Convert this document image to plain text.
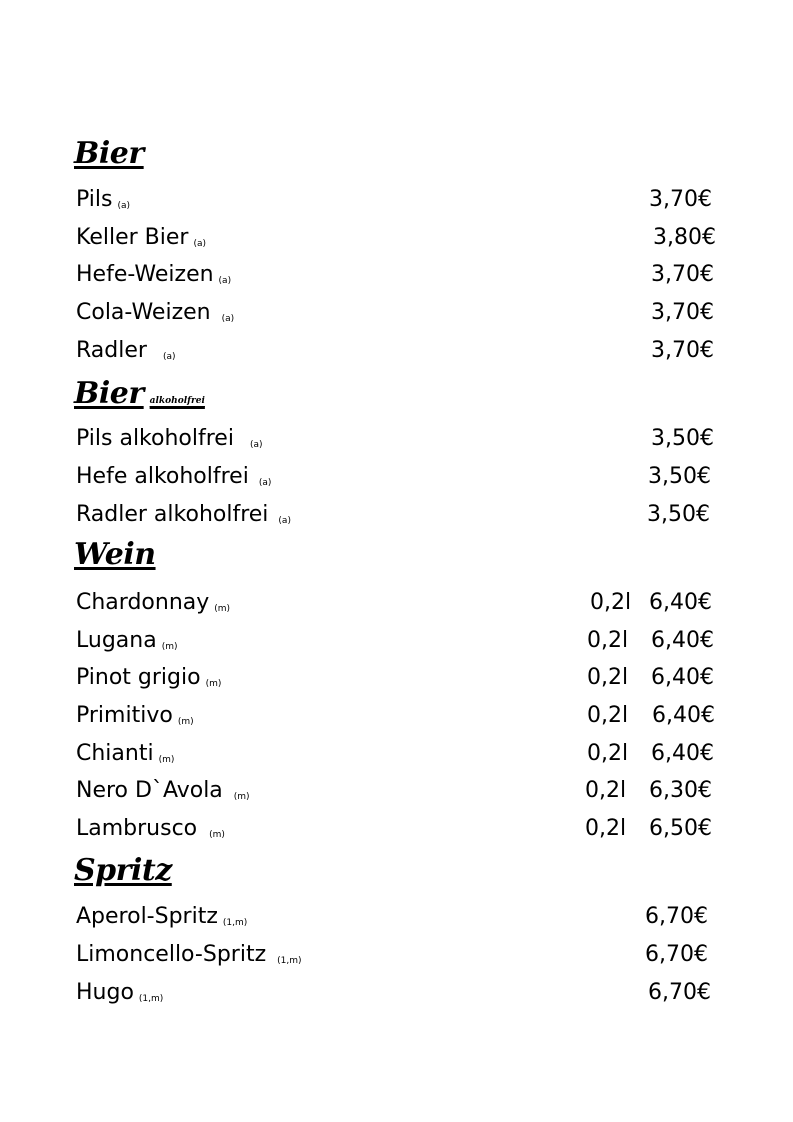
Bier
Pils (a)	3,70€
Keller Bier (a)	3,80€
Hefe-Weizen (a)	3,70€
Cola-Weizen (a)	3,70€
Radler (a)	3,70€
Bier alkoholfrei
Pils alkoholfrei (a)	3,50€
Hefe alkoholfrei (a)	3,50€
Radler alkoholfrei (a)	3,50€
Wein
Chardonnay (m)	0,2l 6,40€
Lugana (m)	0,2l 6,40€
Pinot grigio (m)	0,2l 6,40€
Primitivo (m)	0,2l 6,40€
Chianti (m)	0,2l 6,40€
Nero D`Avola (m)	0,2l 6,30€
Lambrusco (m)	0,2l 6,50€
Spritz
Aperol-Spritz (1,m)	6,70€
Limoncello-Spritz (1,m)	6,70€
Hugo (1,m)	6,70€
